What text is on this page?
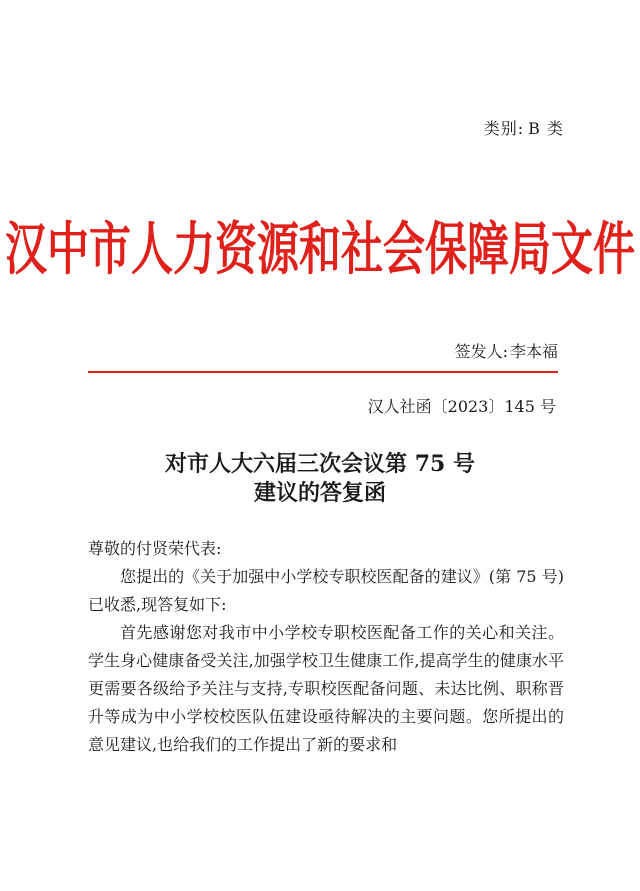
类别: B 类
汉中市人力资源和社会保障局文件
签发人: 李本福
汉人社函〔2023〕145 号
对市人大六届三次会议第 75 号
建议的答复函
尊敬的付贤荣代表:
您提出的《关于加强中小学校专职校医配备的建议》(第 75 号)已收悉,现答复如下:
首先感谢您对我市中小学校专职校医配备工作的关心和关注。学生身心健康备受关注,加强学校卫生健康工作,提高学生的健康水平更需要各级给予关注与支持,专职校医配备问题、未达比例、职称晋升等成为中小学校校医队伍建设亟待解决的主要问题。您所提出的意见建议,也给我们的工作提出了新的要求和
